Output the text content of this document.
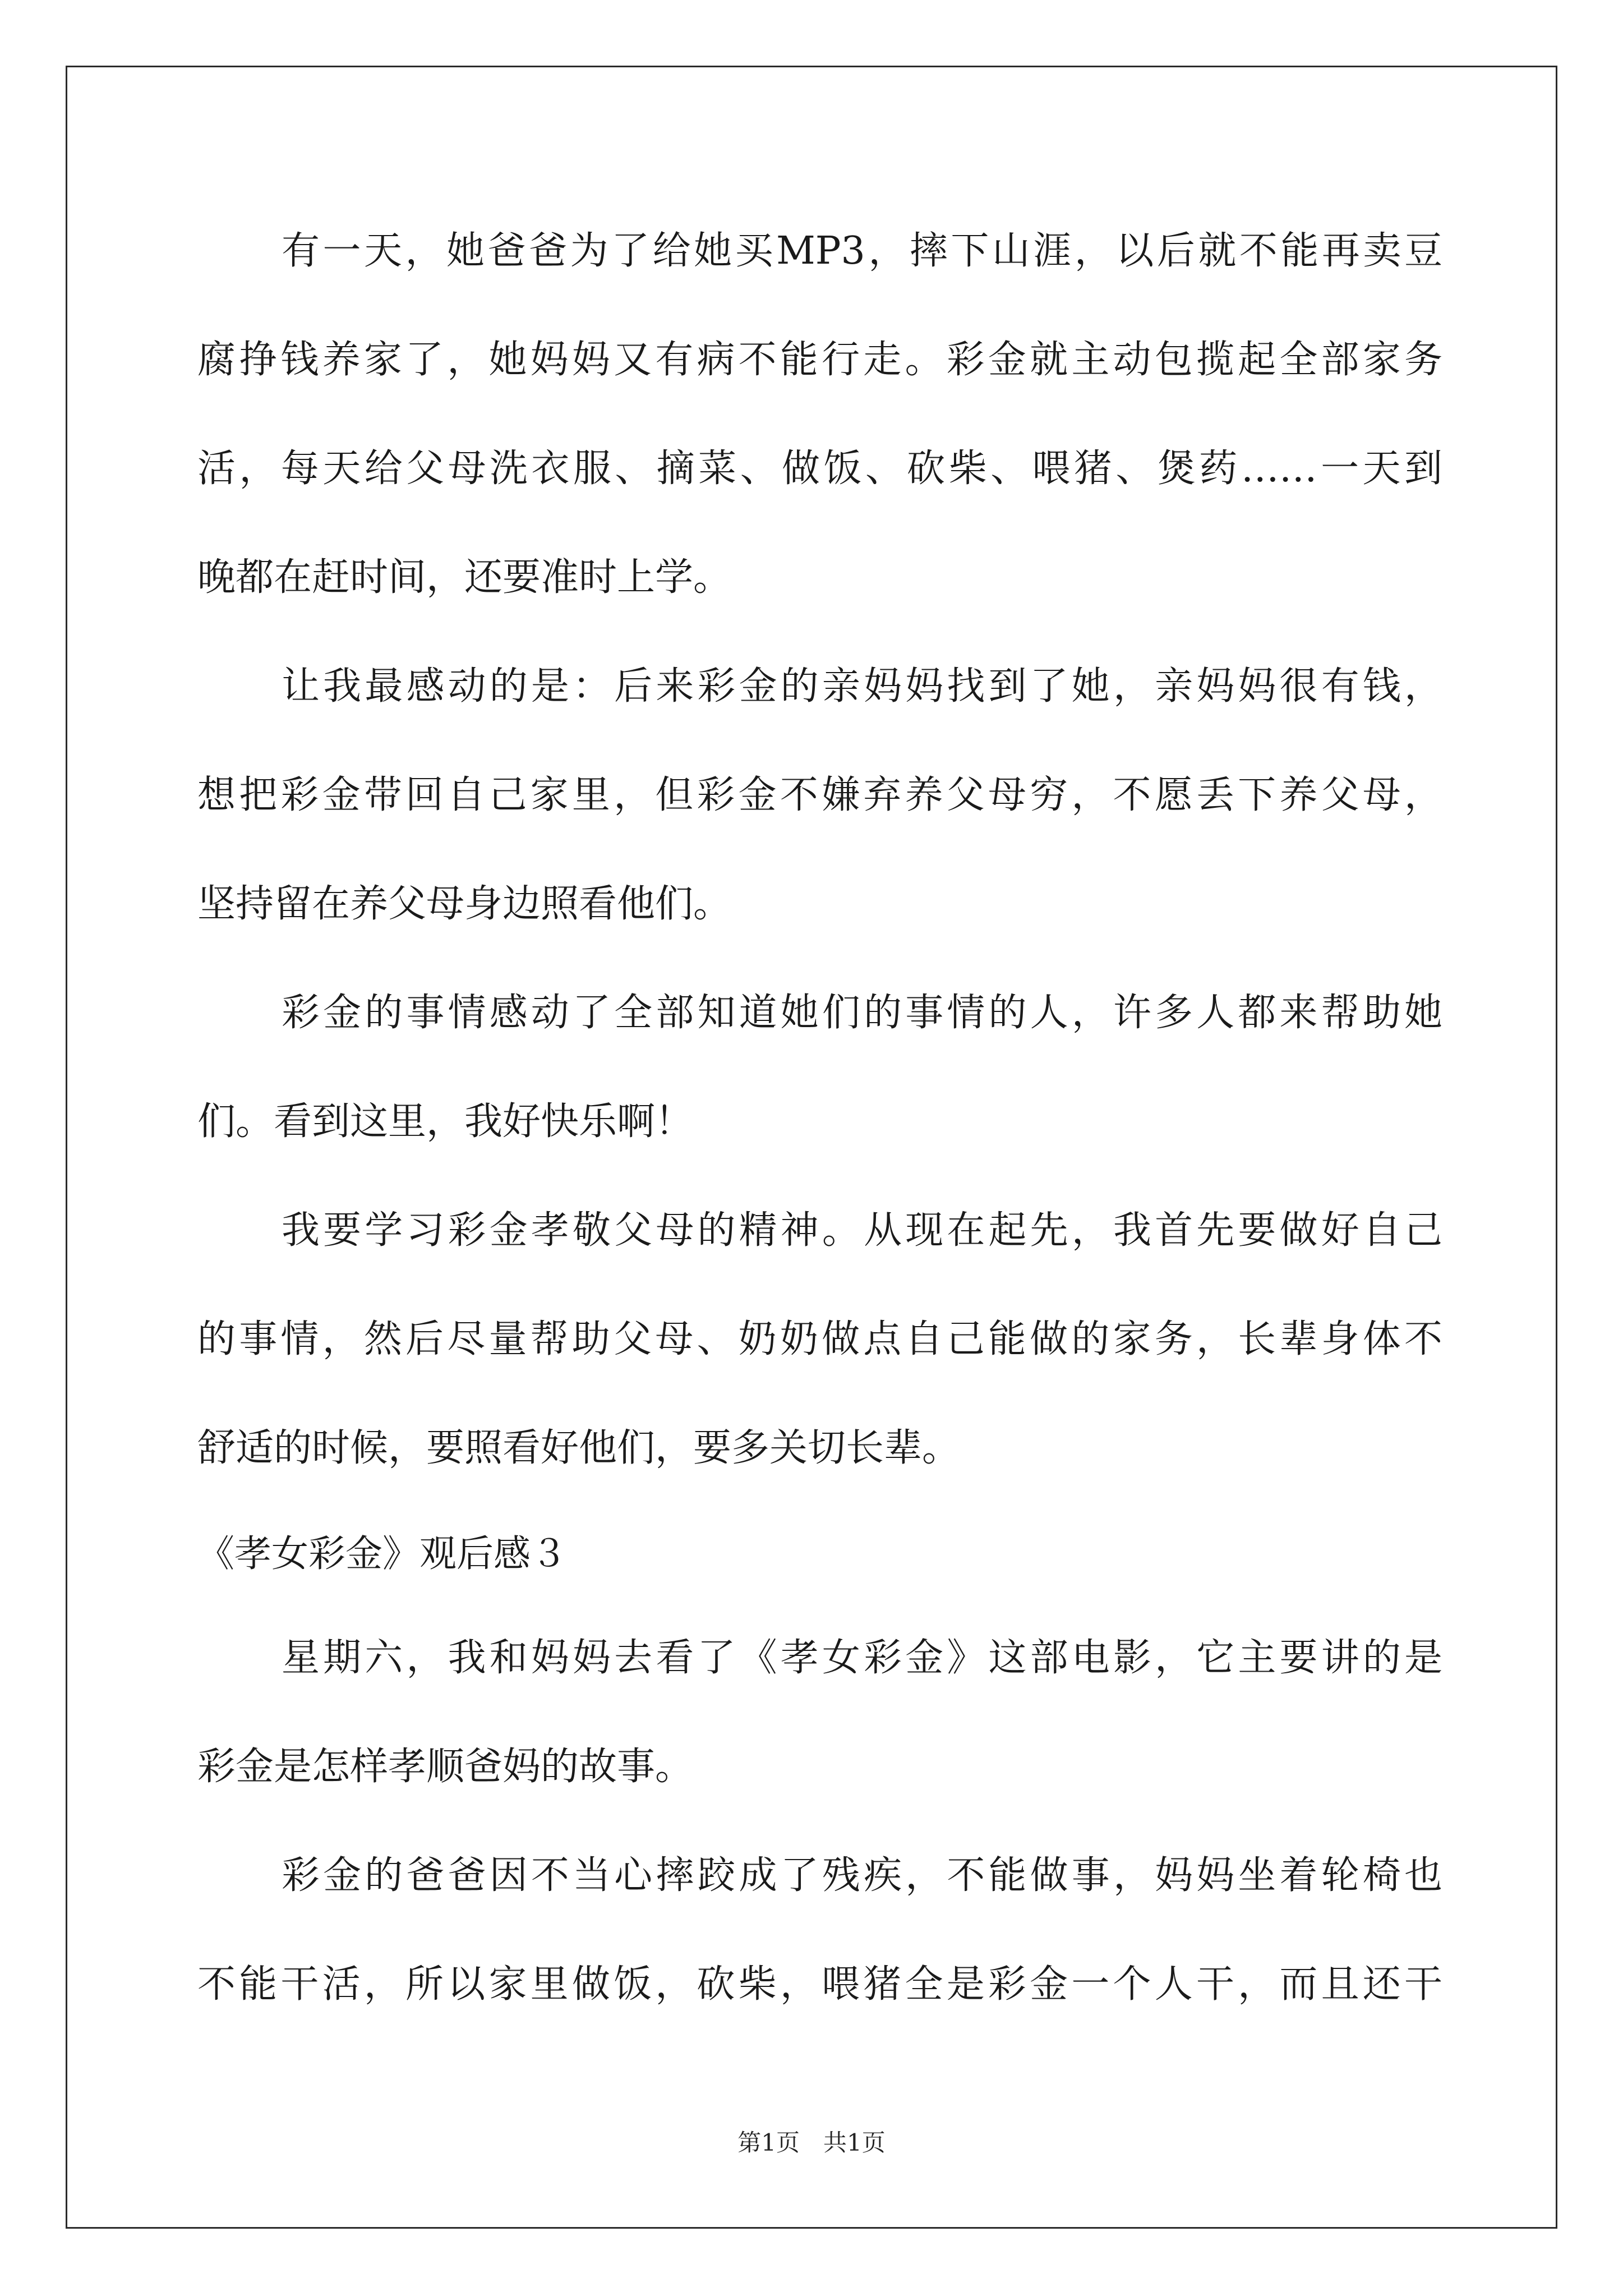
有一天，她爸爸为了给她买MP3，摔下山涯，以后就不能再卖豆
腐挣钱养家了，她妈妈又有病不能行走。彩金就主动包揽起全部家务
活，每天给父母洗衣服、摘菜、做饭、砍柴、喂猪、煲药……一天到
晚都在赶时间，还要准时上学。
让我最感动的是：后来彩金的亲妈妈找到了她，亲妈妈很有钱，
想把彩金带回自己家里，但彩金不嫌弃养父母穷，不愿丢下养父母，
坚持留在养父母身边照看他们。
彩金的事情感动了全部知道她们的事情的人，许多人都来帮助她
们。看到这里，我好快乐啊！
我要学习彩金孝敬父母的精神。从现在起先，我首先要做好自己
的事情，然后尽量帮助父母、奶奶做点自己能做的家务，长辈身体不
舒适的时候，要照看好他们，要多关切长辈。
《孝女彩金》观后感３
星期六，我和妈妈去看了《孝女彩金》这部电影，它主要讲的是
彩金是怎样孝顺爸妈的故事。
彩金的爸爸因不当心摔跤成了残疾，不能做事，妈妈坐着轮椅也
不能干活，所以家里做饭，砍柴，喂猪全是彩金一个人干，而且还干
第1页　共1页
